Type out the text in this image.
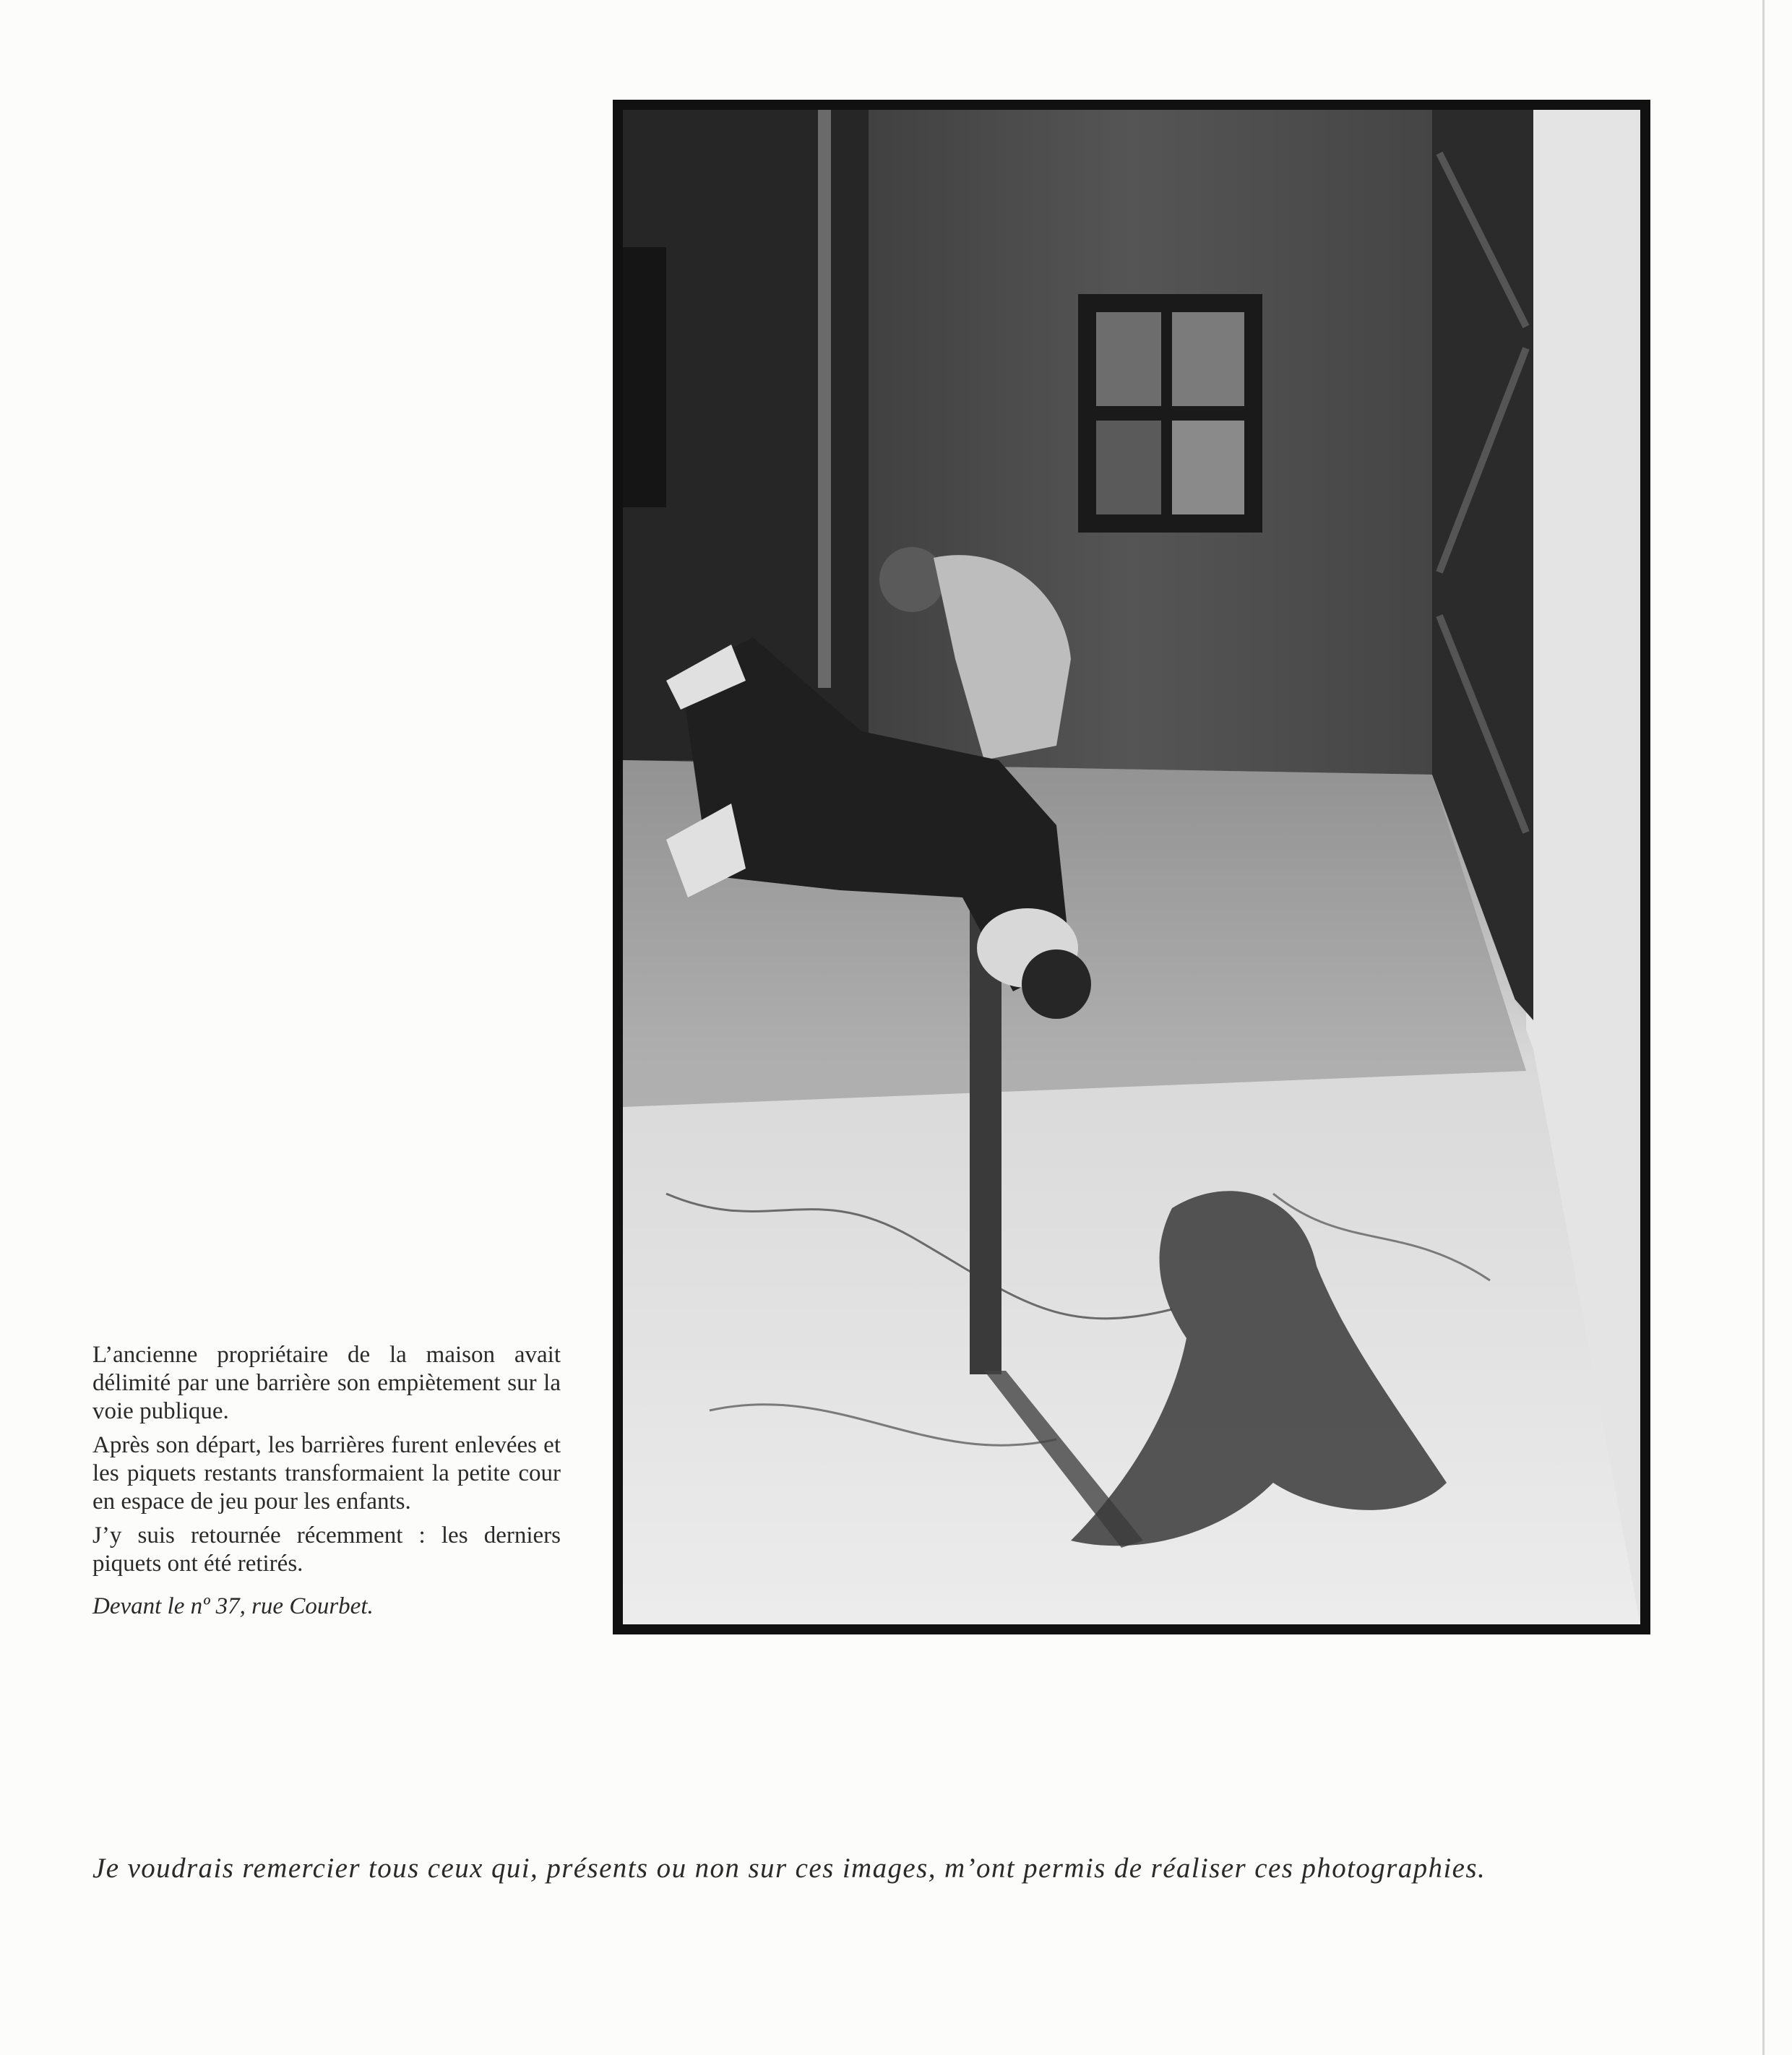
L’ancienne propriétaire de la maison avait délimité par une barrière son empiètement sur la voie publique.

Après son départ, les barrières furent enlevées et les piquets restants transformaient la petite cour en espace de jeu pour les enfants.

J’y suis retournée récemment : les derniers piquets ont été retirés.

Devant le nº 37, rue Courbet.

Je voudrais remercier tous ceux qui, présents ou non sur ces images, m’ont permis de réaliser ces photographies.
